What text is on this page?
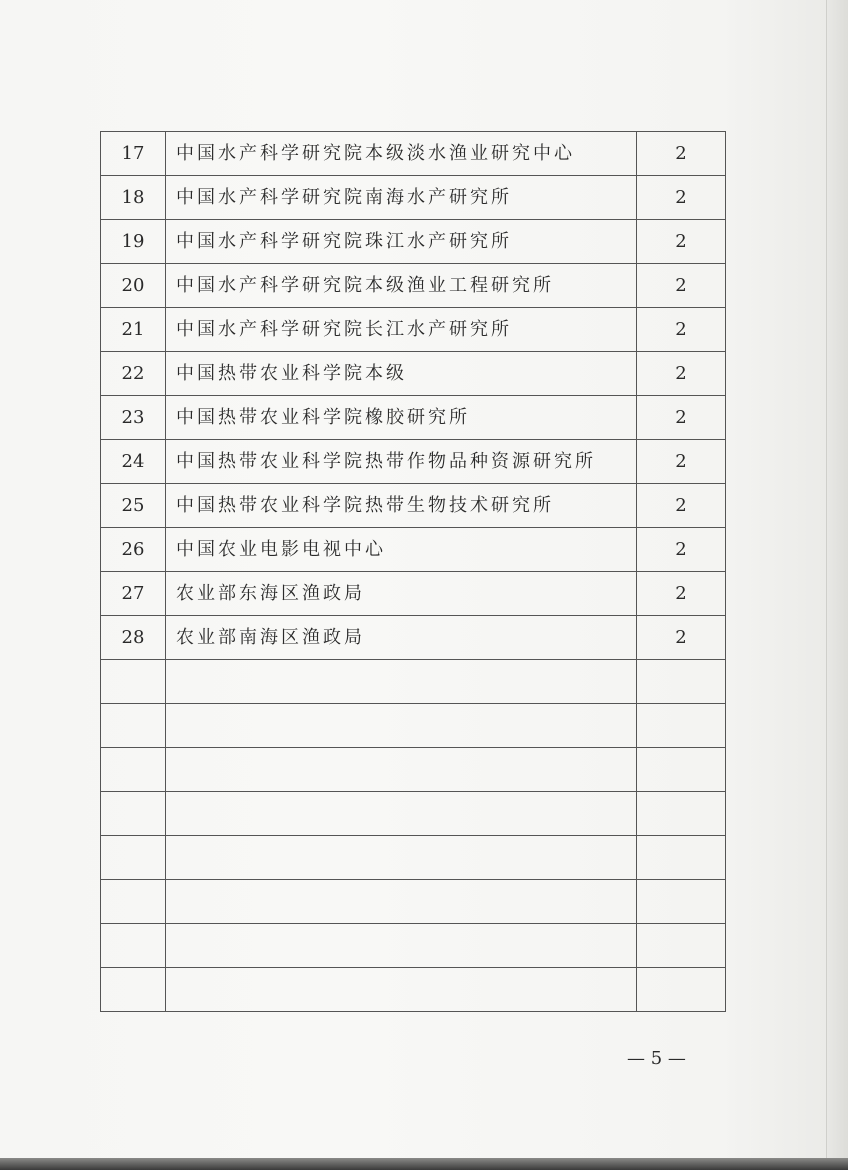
17	中国水产科学研究院本级淡水渔业研究中心	2
18	中国水产科学研究院南海水产研究所	2
19	中国水产科学研究院珠江水产研究所	2
20	中国水产科学研究院本级渔业工程研究所	2
21	中国水产科学研究院长江水产研究所	2
22	中国热带农业科学院本级	2
23	中国热带农业科学院橡胶研究所	2
24	中国热带农业科学院热带作物品种资源研究所	2
25	中国热带农业科学院热带生物技术研究所	2
26	中国农业电影电视中心	2
27	农业部东海区渔政局	2
28	农业部南海区渔政局	2

— 5 —
